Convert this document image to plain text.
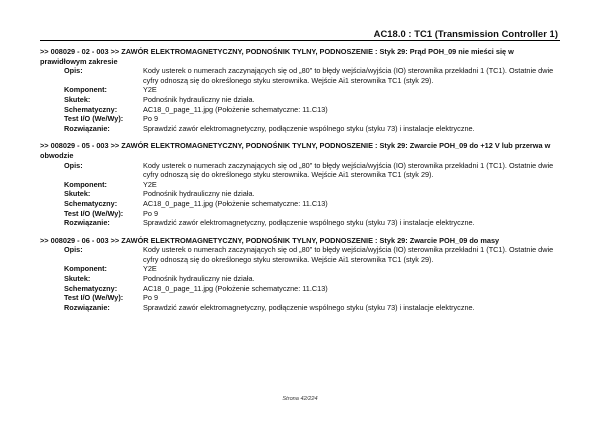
AC18.0 : TC1 (Transmission Controller 1)
>> 008029 - 02 - 003 >> ZAWÓR ELEKTROMAGNETYCZNY, PODNOŚNIK TYLNY, PODNOSZENIE : Styk 29: Prąd POH_09 nie mieści się w prawidłowym zakresie
Opis:	Kody usterek o numerach zaczynających się od „80" to błędy wejścia/wyjścia (IO) sterownika przekładni 1 (TC1). Ostatnie dwie cyfry odnoszą się do określonego styku sterownika. Wejście Ai1 sterownika TC1 (styk 29).
Komponent:	Y2E
Skutek:	Podnośnik hydrauliczny nie działa.
Schematyczny:	AC18_0_page_11.jpg (Położenie schematyczne: 11.C13)
Test I/O (We/Wy):	Po 9
Rozwiązanie:	Sprawdzić zawór elektromagnetyczny, podłączenie wspólnego styku (styku 73) i instalacje elektryczne.
>> 008029 - 05 - 003 >> ZAWÓR ELEKTROMAGNETYCZNY, PODNOŚNIK TYLNY, PODNOSZENIE : Styk 29: Zwarcie POH_09 do +12 V lub przerwa w obwodzie
Opis:	Kody usterek o numerach zaczynających się od „80" to błędy wejścia/wyjścia (IO) sterownika przekładni 1 (TC1). Ostatnie dwie cyfry odnoszą się do określonego styku sterownika. Wejście Ai1 sterownika TC1 (styk 29).
Komponent:	Y2E
Skutek:	Podnośnik hydrauliczny nie działa.
Schematyczny:	AC18_0_page_11.jpg (Położenie schematyczne: 11.C13)
Test I/O (We/Wy):	Po 9
Rozwiązanie:	Sprawdzić zawór elektromagnetyczny, podłączenie wspólnego styku (styku 73) i instalacje elektryczne.
>> 008029 - 06 - 003 >> ZAWÓR ELEKTROMAGNETYCZNY, PODNOŚNIK TYLNY, PODNOSZENIE : Styk 29: Zwarcie POH_09 do masy
Opis:	Kody usterek o numerach zaczynających się od „80" to błędy wejścia/wyjścia (IO) sterownika przekładni 1 (TC1). Ostatnie dwie cyfry odnoszą się do określonego styku sterownika. Wejście Ai1 sterownika TC1 (styk 29).
Komponent:	Y2E
Skutek:	Podnośnik hydrauliczny nie działa.
Schematyczny:	AC18_0_page_11.jpg (Położenie schematyczne: 11.C13)
Test I/O (We/Wy):	Po 9
Rozwiązanie:	Sprawdzić zawór elektromagnetyczny, podłączenie wspólnego styku (styku 73) i instalacje elektryczne.
Strona 42/224
